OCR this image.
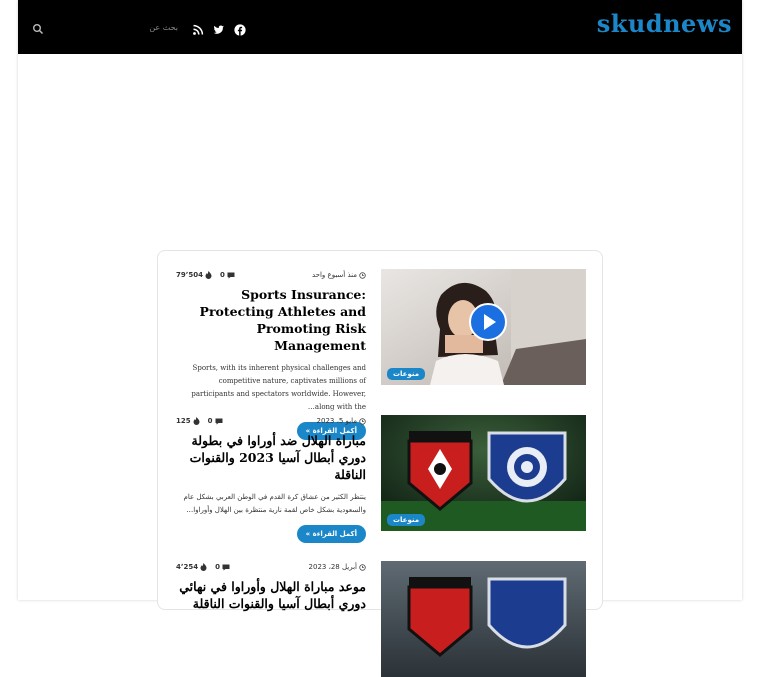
skudnews
بحث عن
منوعات
منذ أسبوع واحد
79٬504 0
Sports Insurance: Protecting Athletes and Promoting Risk Management
Sports, with its inherent physical challenges and competitive nature, captivates millions of participants and spectators worldwide. However, along with the…
أكمل القراءة »
منوعات
مايو 5، 2023
125 0
مباراة الهلال ضد أوراوا في بطولة دوري أبطال آسيا 2023 والقنوات الناقلة
ينتظر الكثير من عشاق كرة القدم في الوطن العربي بشكل عام والسعودية بشكل خاص لقمة نارية منتظرة بين الهلال وأوراوا…
أكمل القراءة »
أبريل 28، 2023
4٬254 0
موعد مباراة الهلال وأوراوا في نهائي دوري أبطال آسيا والقنوات الناقلة
